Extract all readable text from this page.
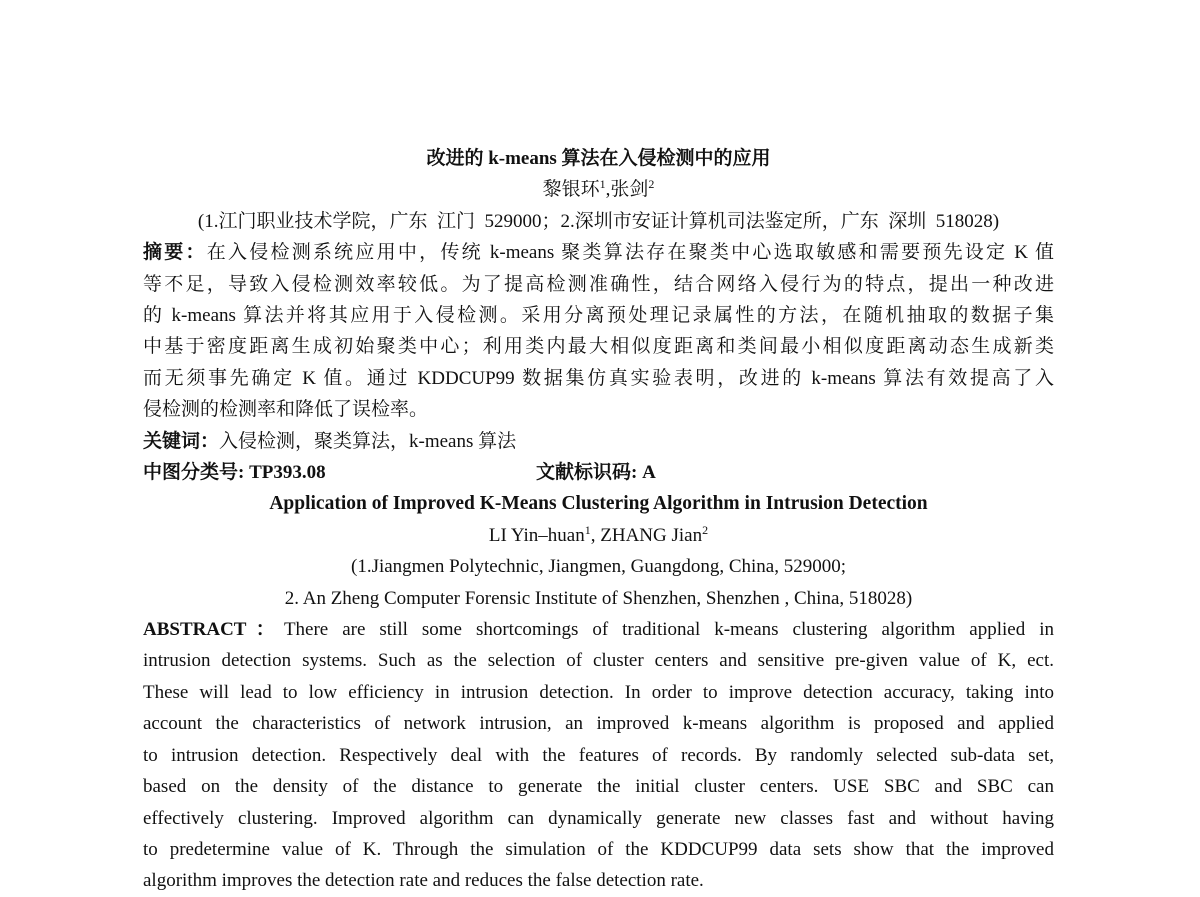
改进的 k-means 算法在入侵检测中的应用
黎银环$^1$,张剑$^2$
(1.江门职业技术学院，广东  江门  529000；2.深圳市安证计算机司法鉴定所，广东  深圳  518028)
摘要：在入侵检测系统应用中，传统 k-means 聚类算法存在聚类中心选取敏感和需要预先设定 K 值
等不足，导致入侵检测效率较低。为了提高检测准确性，结合网络入侵行为的特点，提出一种改进
的 k-means 算法并将其应用于入侵检测。采用分离预处理记录属性的方法，在随机抽取的数据子集
中基于密度距离生成初始聚类中心；利用类内最大相似度距离和类间最小相似度距离动态生成新类
而无须事先确定 K 值。通过 KDDCUP99 数据集仿真实验表明，改进的 k-means 算法有效提高了入
侵检测的检测率和降低了误检率。
关键词：入侵检测，聚类算法，k-means 算法
中图分类号: TP393.08	文献标识码: A
Application of Improved K-Means Clustering Algorithm in Intrusion Detection
LI Yin–huan$^1$, ZHANG Jian$^2$
(1.Jiangmen Polytechnic, Jiangmen, Guangdong, China, 529000;
2. An Zheng Computer Forensic Institute of Shenzhen, Shenzhen , China, 518028)
ABSTRACT：There are still some shortcomings of traditional k-means clustering algorithm applied in
intrusion detection systems. Such as the selection of cluster centers and sensitive pre-given value of K, ect.
These will lead to low efficiency in intrusion detection. In order to improve detection accuracy, taking into
account the characteristics of network intrusion, an improved k-means algorithm is proposed and applied
to intrusion detection. Respectively deal with the features of records. By randomly selected sub-data set,
based on the density of the distance to generate the initial cluster centers. USE SBC and SBC can
effectively clustering. Improved algorithm can dynamically generate new classes fast and without having
to predetermine value of K. Through the simulation of the KDDCUP99 data sets show that the improved
algorithm improves the detection rate and reduces the false detection rate.
